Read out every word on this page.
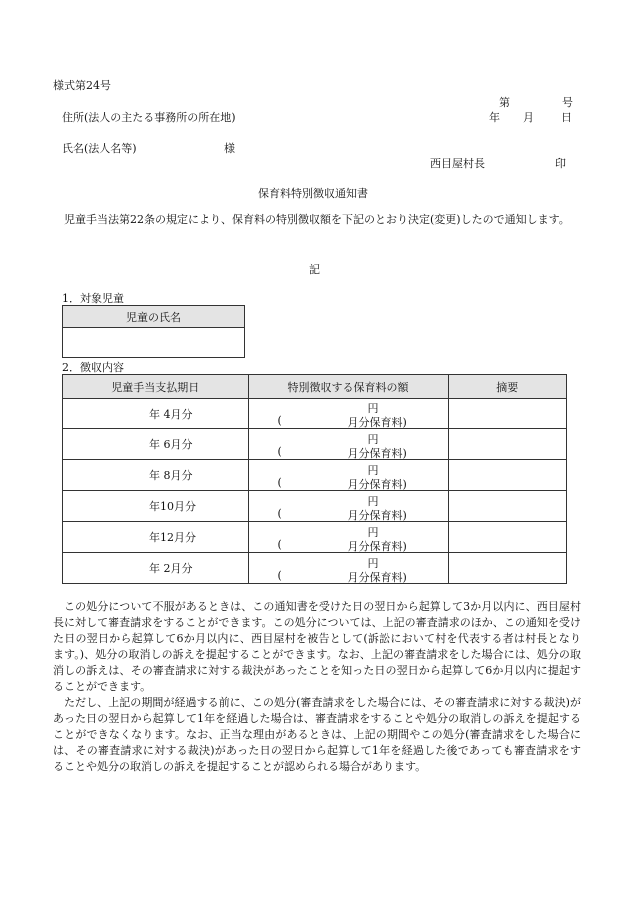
様式第24号
第	号
住所(法人の主たる事務所の所在地)	年 月 日
氏名(法人名等)	様
西目屋村長	印
保育料特別徴収通知書

児童手当法第22条の規定により、保育料の特別徴収額を下記のとおり決定(変更)したので通知します。

記
1．対象児童
児童の氏名

2．徴収内容
児童手当支払期日	特別徴収する保育料の額	摘要
年 4月分	円
( 月分保育料)	

年 6月分	円
( 月分保育料)	

年 8月分	円
( 月分保育料)	

年10月分	円
( 月分保育料)	

年12月分	円
( 月分保育料)	

年 2月分	円
( 月分保育料)	

この処分について不服があるときは、この通知書を受けた日の翌日から起算して3か月以内に、西目屋村長に対して審査請求をすることができます。この処分については、上記の審査請求のほか、この通知を受けた日の翌日から起算して6か月以内に、西目屋村を被告として(訴訟において村を代表する者は村長となります。)、処分の取消しの訴えを提起することができます。なお、上記の審査請求をした場合には、処分の取消しの訴えは、その審査請求に対する裁決があったことを知った日の翌日から起算して6か月以内に提起することができます。

ただし、上記の期間が経過する前に、この処分(審査請求をした場合には、その審査請求に対する裁決)があった日の翌日から起算して1年を経過した場合は、審査請求をすることや処分の取消しの訴えを提起することができなくなります。なお、正当な理由があるときは、上記の期間やこの処分(審査請求をした場合には、その審査請求に対する裁決)があった日の翌日から起算して1年を経過した後であっても審査請求をすることや処分の取消しの訴えを提起することが認められる場合があります。
